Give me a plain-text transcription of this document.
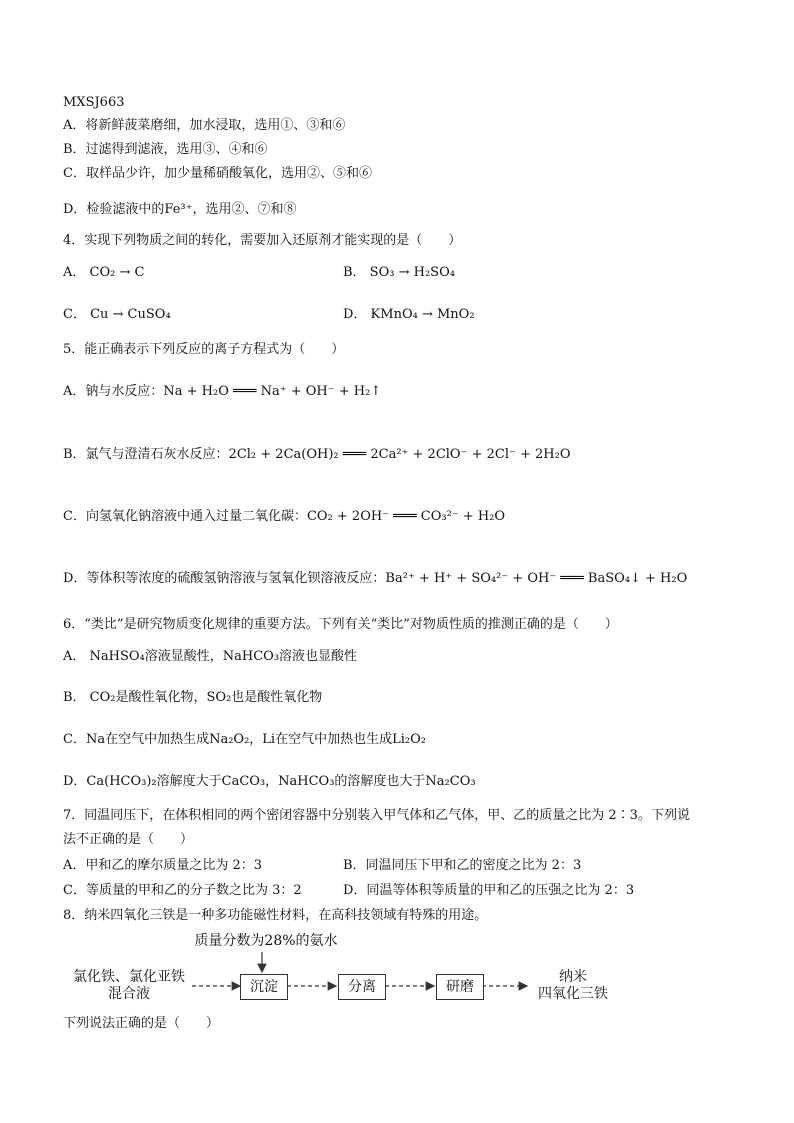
MXSJ663
A．将新鲜菠菜磨细，加水浸取，选用①、③和⑥
B．过滤得到滤液，选用③、④和⑥
C．取样品少许，加少量稀硝酸氧化，选用②、⑤和⑥
D．检验滤液中的Fe³⁺，选用②、⑦和⑧
4．实现下列物质之间的转化，需要加入还原剂才能实现的是（　　）
A． CO₂ → C	B． SO₃ → H₂SO₄
C． Cu → CuSO₄	D． KMnO₄ → MnO₂
5．能正确表示下列反应的离子方程式为（　　）
A．钠与水反应：Na + H₂O ═══ Na⁺ + OH⁻ + H₂↑
B．氯气与澄清石灰水反应：2Cl₂ + 2Ca(OH)₂ ═══ 2Ca²⁺ + 2ClO⁻ + 2Cl⁻ + 2H₂O
C．向氢氧化钠溶液中通入过量二氧化碳：CO₂ + 2OH⁻ ═══ CO₃²⁻ + H₂O
D．等体积等浓度的硫酸氢钠溶液与氢氧化钡溶液反应：Ba²⁺ + H⁺ + SO₄²⁻ + OH⁻ ═══ BaSO₄↓ + H₂O
6．“类比”是研究物质变化规律的重要方法。下列有关“类比”对物质性质的推测正确的是（　　）
A． NaHSO₄溶液显酸性，NaHCO₃溶液也显酸性
B． CO₂是酸性氧化物，SO₂也是酸性氧化物
C．Na在空气中加热生成Na₂O₂，Li在空气中加热也生成Li₂O₂
D．Ca(HCO₃)₂溶解度大于CaCO₃，NaHCO₃的溶解度也大于Na₂CO₃
7．同温同压下，在体积相同的两个密闭容器中分别装入甲气体和乙气体，甲、乙的质量之比为 2∶3。下列说
法不正确的是（　　）
A．甲和乙的摩尔质量之比为 2：3	B．同温同压下甲和乙的密度之比为 2：3
C．等质量的甲和乙的分子数之比为 3：2	D．同温等体积等质量的甲和乙的压强之比为 2：3
8．纳米四氧化三铁是一种多功能磁性材料，在高科技领域有特殊的用途。
质量分数为28%的氨水
氯化铁、氯化亚铁
混合液	沉淀	分离	研磨
纳米
四氧化三铁
下列说法正确的是（　　）
